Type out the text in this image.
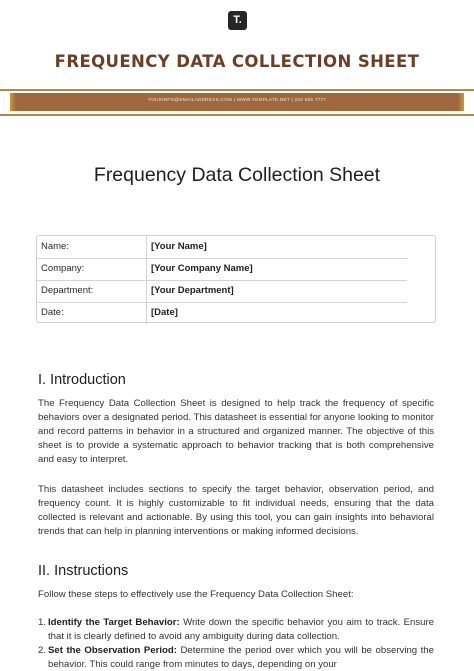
T.
FREQUENCY DATA COLLECTION SHEET
YOURINFO@EMAILADDRESS.COM | WWW.TEMPLATE.NET | 222 555 7777
Frequency Data Collection Sheet
Name:	[Your Name]
Company:	[Your Company Name]
Department:	[Your Department]
Date:	[Date]
I. Introduction
The Frequency Data Collection Sheet is designed to help track the frequency of specific behaviors over a designated period. This datasheet is essential for anyone looking to monitor and record patterns in behavior in a structured and organized manner. The objective of this sheet is to provide a systematic approach to behavior tracking that is both comprehensive and easy to interpret.
This datasheet includes sections to specify the target behavior, observation period, and frequency count. It is highly customizable to fit individual needs, ensuring that the data collected is relevant and actionable. By using this tool, you can gain insights into behavioral trends that can help in planning interventions or making informed decisions.
II. Instructions
Follow these steps to effectively use the Frequency Data Collection Sheet:
1. Identify the Target Behavior: Write down the specific behavior you aim to track. Ensure that it is clearly defined to avoid any ambiguity during data collection.
2. Set the Observation Period: Determine the period over which you will be observing the behavior. This could range from minutes to days, depending on your
